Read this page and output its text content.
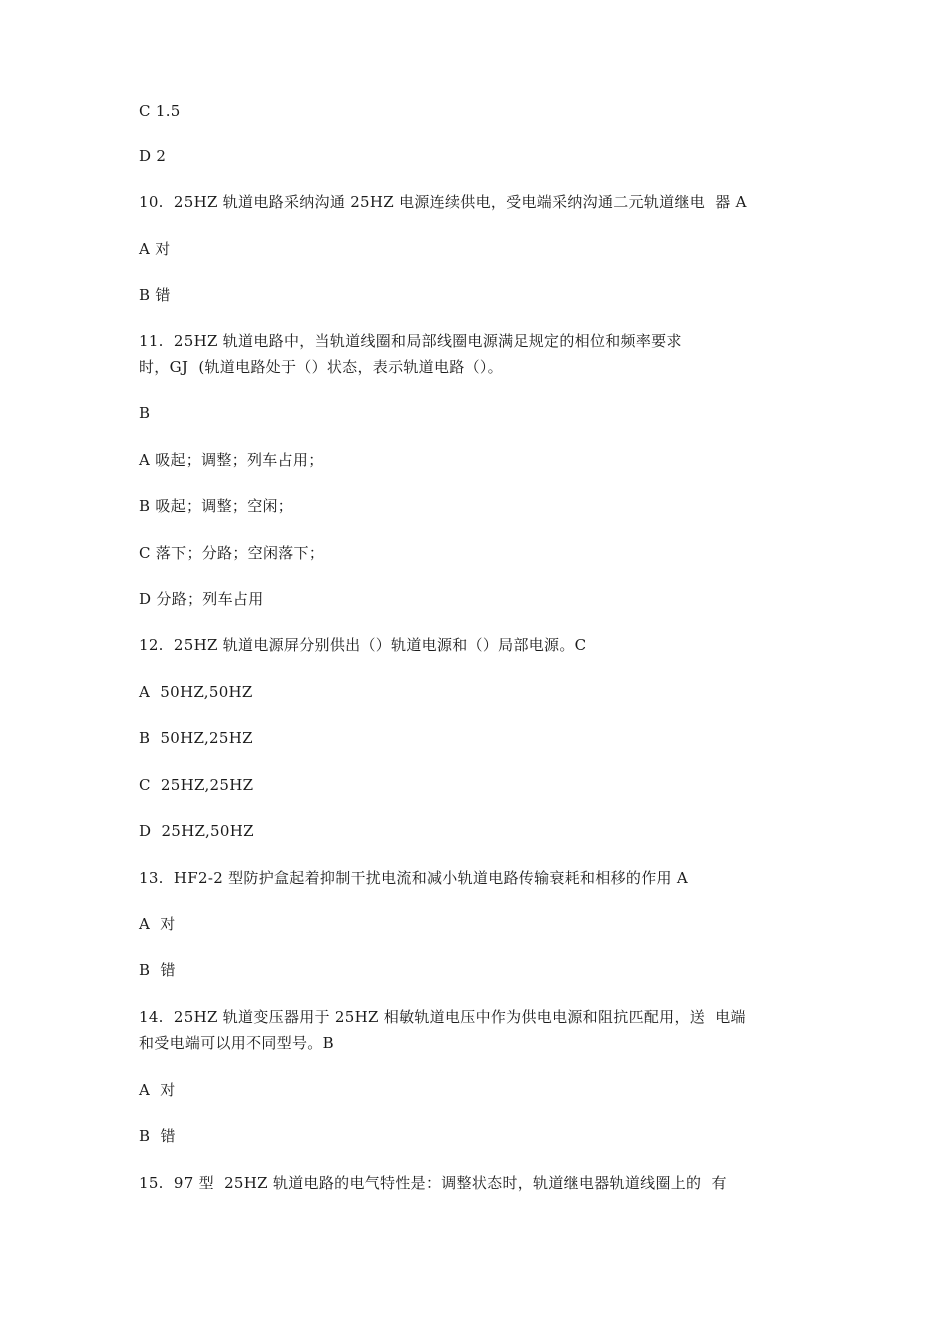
C 1.5
D 2
10.  25HZ 轨道电路采纳沟通 25HZ 电源连续供电，受电端采纳沟通二元轨道继电  器 A
A 对
B 错
11.  25HZ 轨道电路中，当轨道线圈和局部线圈电源满足规定的相位和频率要求
时，GJ  (轨道电路处于（）状态，表示轨道电路（）。
B
A 吸起；调整；列车占用；
B 吸起；调整；空闲；
C 落下；分路；空闲落下；
D 分路；列车占用
12.  25HZ 轨道电源屏分别供出（）轨道电源和（）局部电源。C
A  50HZ,50HZ
B  50HZ,25HZ
C  25HZ,25HZ
D  25HZ,50HZ
13.  HF2-2 型防护盒起着抑制干扰电流和减小轨道电路传输衰耗和相移的作用 A
A  对
B  错
14.  25HZ 轨道变压器用于 25HZ 相敏轨道电压中作为供电电源和阻抗匹配用，送  电端
和受电端可以用不同型号。B
A  对
B  错
15.  97 型  25HZ 轨道电路的电气特性是：调整状态时，轨道继电器轨道线圈上的  有
